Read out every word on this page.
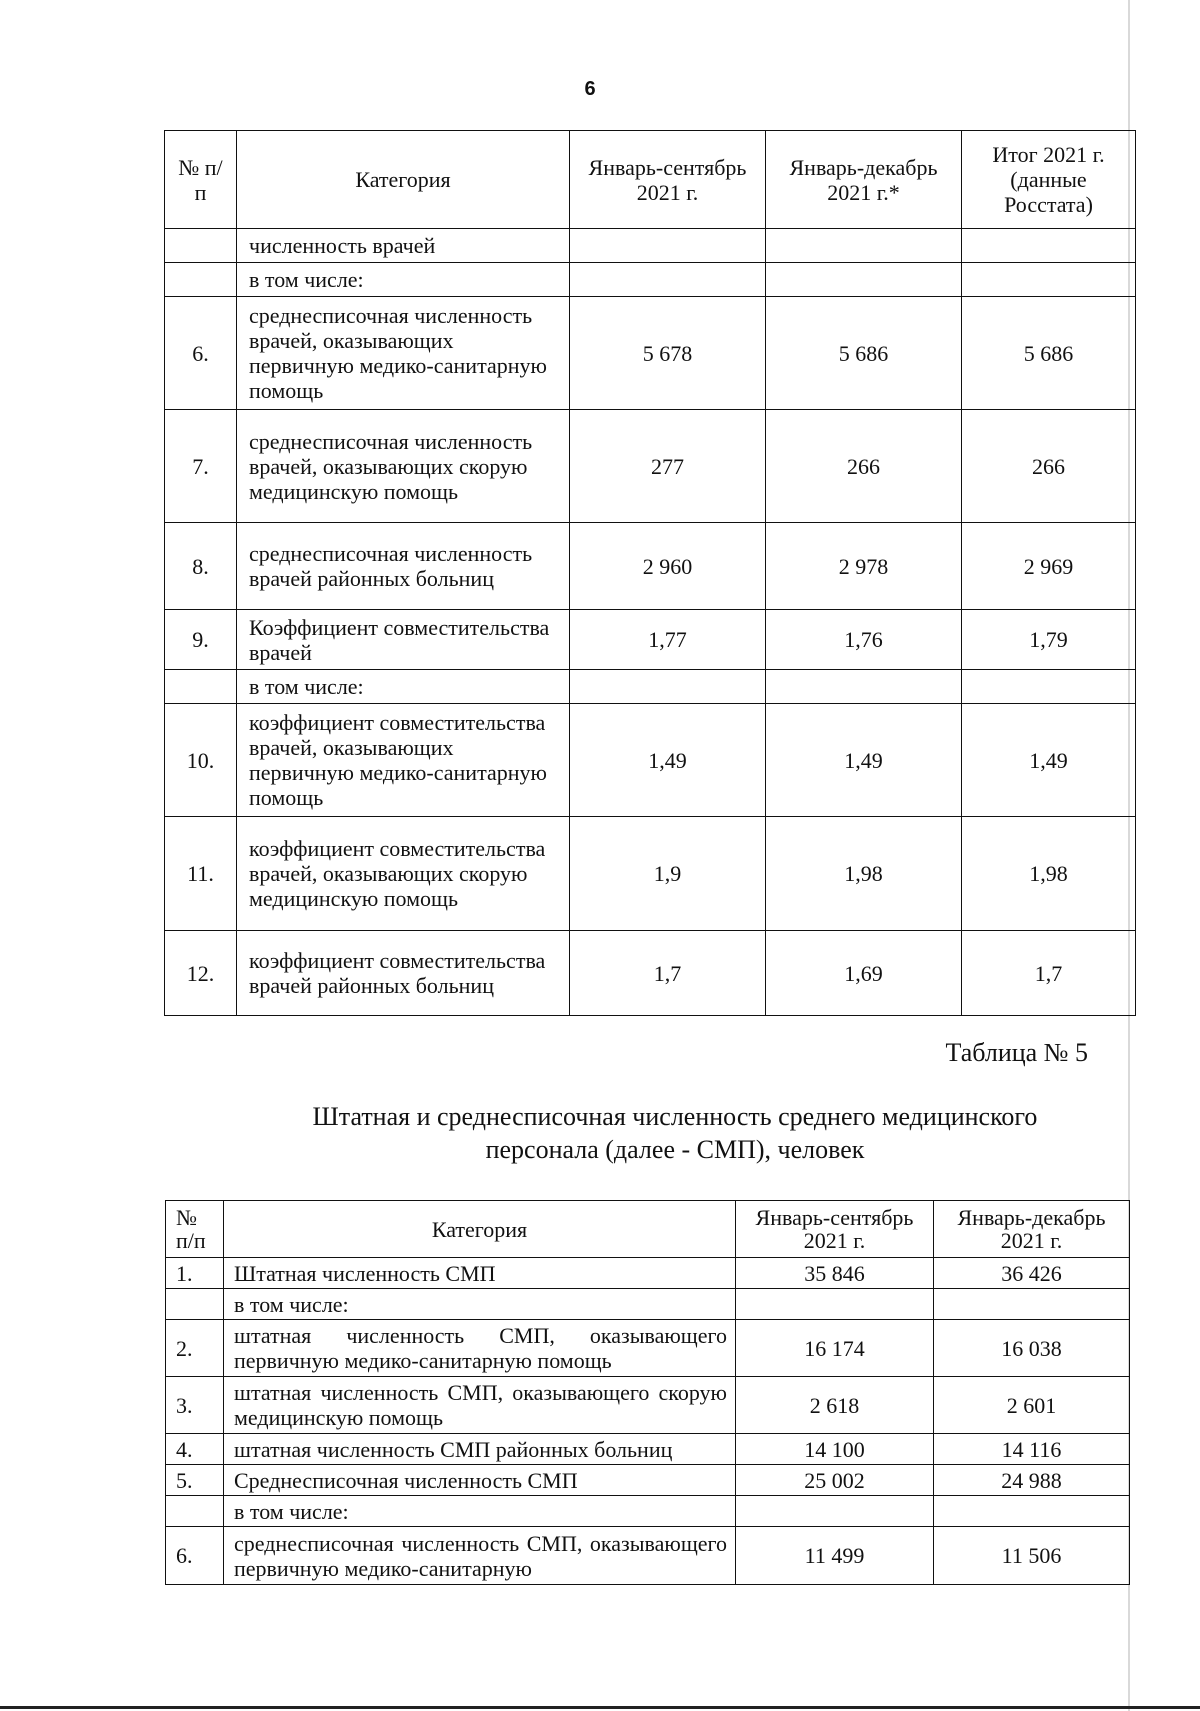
6
№ п/п	Категория	Январь-сентябрь 2021 г.	Январь-декабрь 2021 г.*	Итог 2021 г. (данные Росстата)
	численность врачей			
	в том числе:			
6.	среднесписочная численность врачей, оказывающих первичную медико-санитарную помощь	5 678	5 686	5 686
7.	среднесписочная численность врачей, оказывающих скорую медицинскую помощь	277	266	266
8.	среднесписочная численность врачей районных больниц	2 960	2 978	2 969
9.	Коэффициент совместительства врачей	1,77	1,76	1,79
	в том числе:			
10.	коэффициент совместительства врачей, оказывающих первичную медико-санитарную помощь	1,49	1,49	1,49
11.	коэффициент совместительства врачей, оказывающих скорую медицинскую помощь	1,9	1,98	1,98
12.	коэффициент совместительства врачей районных больниц	1,7	1,69	1,7
Таблица № 5
Штатная и среднесписочная численность среднего медицинского персонала (далее - СМП), человек
№ п/п	Категория	Январь-сентябрь 2021 г.	Январь-декабрь 2021 г.
1.	Штатная численность СМП	35 846	36 426
	в том числе:		
2.	штатная численность СМП, оказывающего первичную медико-санитарную помощь	16 174	16 038
3.	штатная численность СМП, оказывающего скорую медицинскую помощь	2 618	2 601
4.	штатная численность СМП районных больниц	14 100	14 116
5.	Среднесписочная численность СМП	25 002	24 988
	в том числе:		
6.	среднесписочная численность СМП, оказывающего первичную медико-санитарную	11 499	11 506
